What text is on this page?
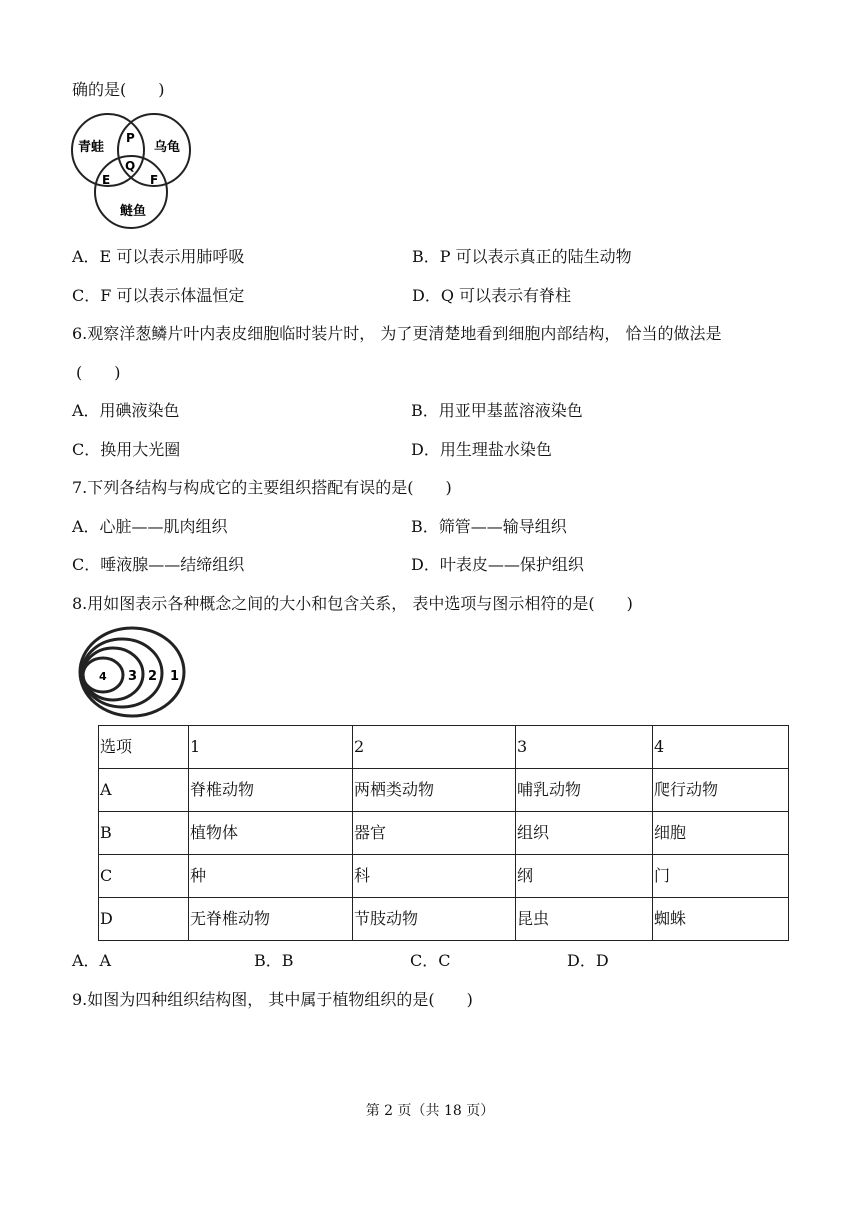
确的是(　　)
青蛙	乌龟
鲢鱼
P
Q
E	F
A．E 可以表示用肺呼吸	B．P 可以表示真正的陆生动物
C．F 可以表示体温恒定	D．Q 可以表示有脊柱
6.观察洋葱鳞片叶内表皮细胞临时装片时， 为了更清楚地看到细胞内部结构， 恰当的做法是
(　　)
A．用碘液染色	B．用亚甲基蓝溶液染色
C．换用大光圈	D．用生理盐水染色
7.下列各结构与构成它的主要组织搭配有误的是(　　)
A．心脏——肌肉组织	B．筛管——输导组织
C．唾液腺——结缔组织	D．叶表皮——保护组织
8.用如图表示各种概念之间的大小和包含关系， 表中选项与图示相符的是(　　)
1
2
3
4
选项	1	2	3	4
A	脊椎动物	两栖类动物	哺乳动物	爬行动物
B	植物体	器官	组织	细胞
C	种	科	纲	门
D	无脊椎动物	节肢动物	昆虫	蜘蛛
A．A	B．B	C．C	D．D
9.如图为四种组织结构图， 其中属于植物组织的是(　　)
第 2 页（共 18 页）
